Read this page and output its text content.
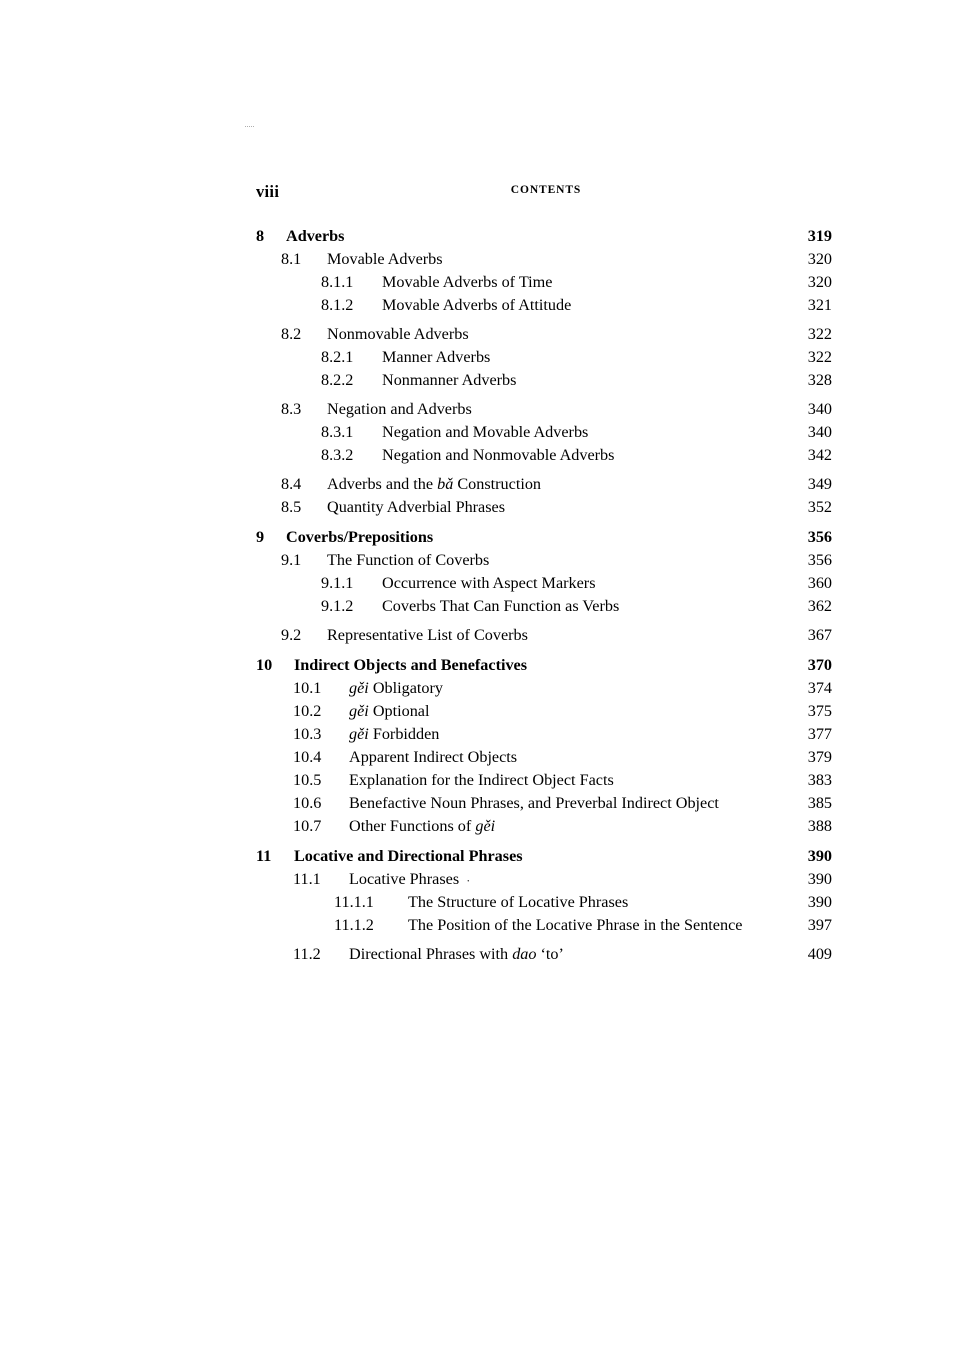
viii	CONTENTS
8 Adverbs	319
8.1 Movable Adverbs	320
8.1.1 Movable Adverbs of Time	320
8.1.2 Movable Adverbs of Attitude	321
8.2 Nonmovable Adverbs	322
8.2.1 Manner Adverbs	322
8.2.2 Nonmanner Adverbs	328
8.3 Negation and Adverbs	340
8.3.1 Negation and Movable Adverbs	340
8.3.2 Negation and Nonmovable Adverbs	342
8.4 Adverbs and the bǎ Construction	349
8.5 Quantity Adverbial Phrases	352
9 Coverbs/Prepositions	356
9.1 The Function of Coverbs	356
9.1.1 Occurrence with Aspect Markers	360
9.1.2 Coverbs That Can Function as Verbs	362
9.2 Representative List of Coverbs	367
10 Indirect Objects and Benefactives	370
10.1 gěi Obligatory	374
10.2 gěi Optional	375
10.3 gěi Forbidden	377
10.4 Apparent Indirect Objects	379
10.5 Explanation for the Indirect Object Facts	383
10.6 Benefactive Noun Phrases, and Preverbal Indirect Object	385
10.7 Other Functions of gěi	388
11 Locative and Directional Phrases	390
11.1 Locative Phrases ·	390
11.1.1 The Structure of Locative Phrases	390
11.1.2 The Position of the Locative Phrase in the Sentence	397
11.2 Directional Phrases with dao ‘to’	409
